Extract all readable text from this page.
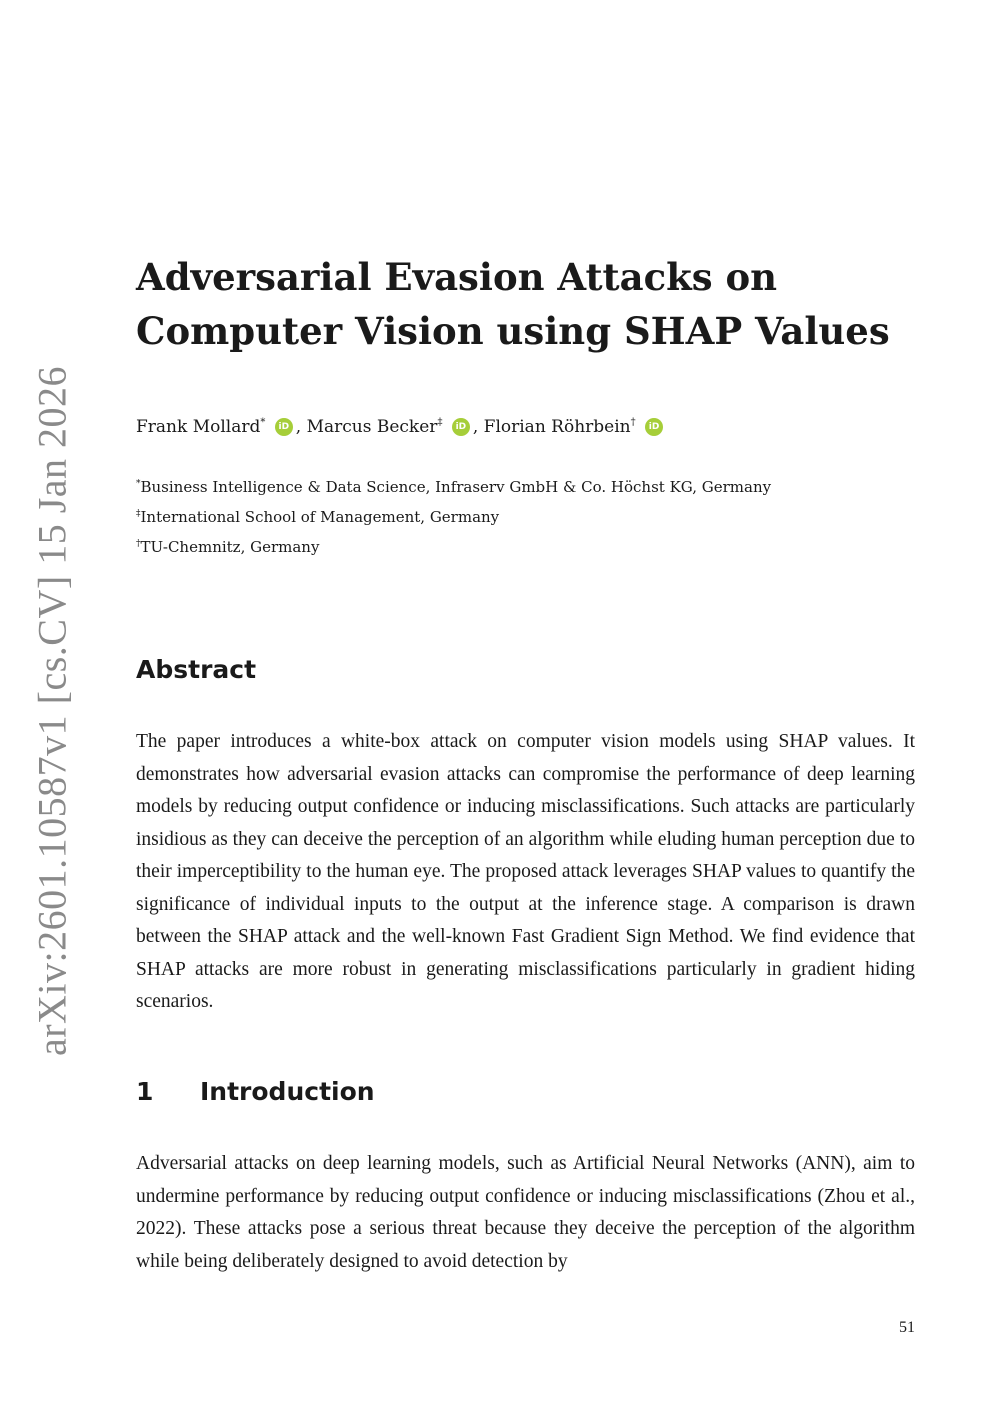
arXiv:2601.10587v1 [cs.CV] 15 Jan 2026
Adversarial Evasion Attacks on
Computer Vision using SHAP Values
Frank Mollard* iD , Marcus Becker‡ iD , Florian Röhrbein† iD
*Business Intelligence & Data Science, Infraserv GmbH & Co. Höchst KG, Germany
‡International School of Management, Germany
†TU-Chemnitz, Germany
Abstract

The paper introduces a white-box attack on computer vision models using SHAP values. It demonstrates how adversarial evasion attacks can compromise the performance of deep learning models by reducing output confidence or inducing misclassifications. Such attacks are particularly insidious as they can deceive the perception of an algorithm while eluding human perception due to their imperceptibility to the human eye. The proposed attack leverages SHAP values to quantify the significance of individual inputs to the output at the inference stage. A comparison is drawn between the SHAP attack and the well-known Fast Gradient Sign Method. We find evidence that SHAP attacks are more robust in generating misclassifications particularly in gradient hiding scenarios.

1 Introduction

Adversarial attacks on deep learning models, such as Artificial Neural Networks (ANN), aim to undermine performance by reducing output confidence or inducing misclassifications (Zhou et al., 2022). These attacks pose a serious threat because they deceive the perception of the algorithm while being deliberately designed to avoid detection by

51
